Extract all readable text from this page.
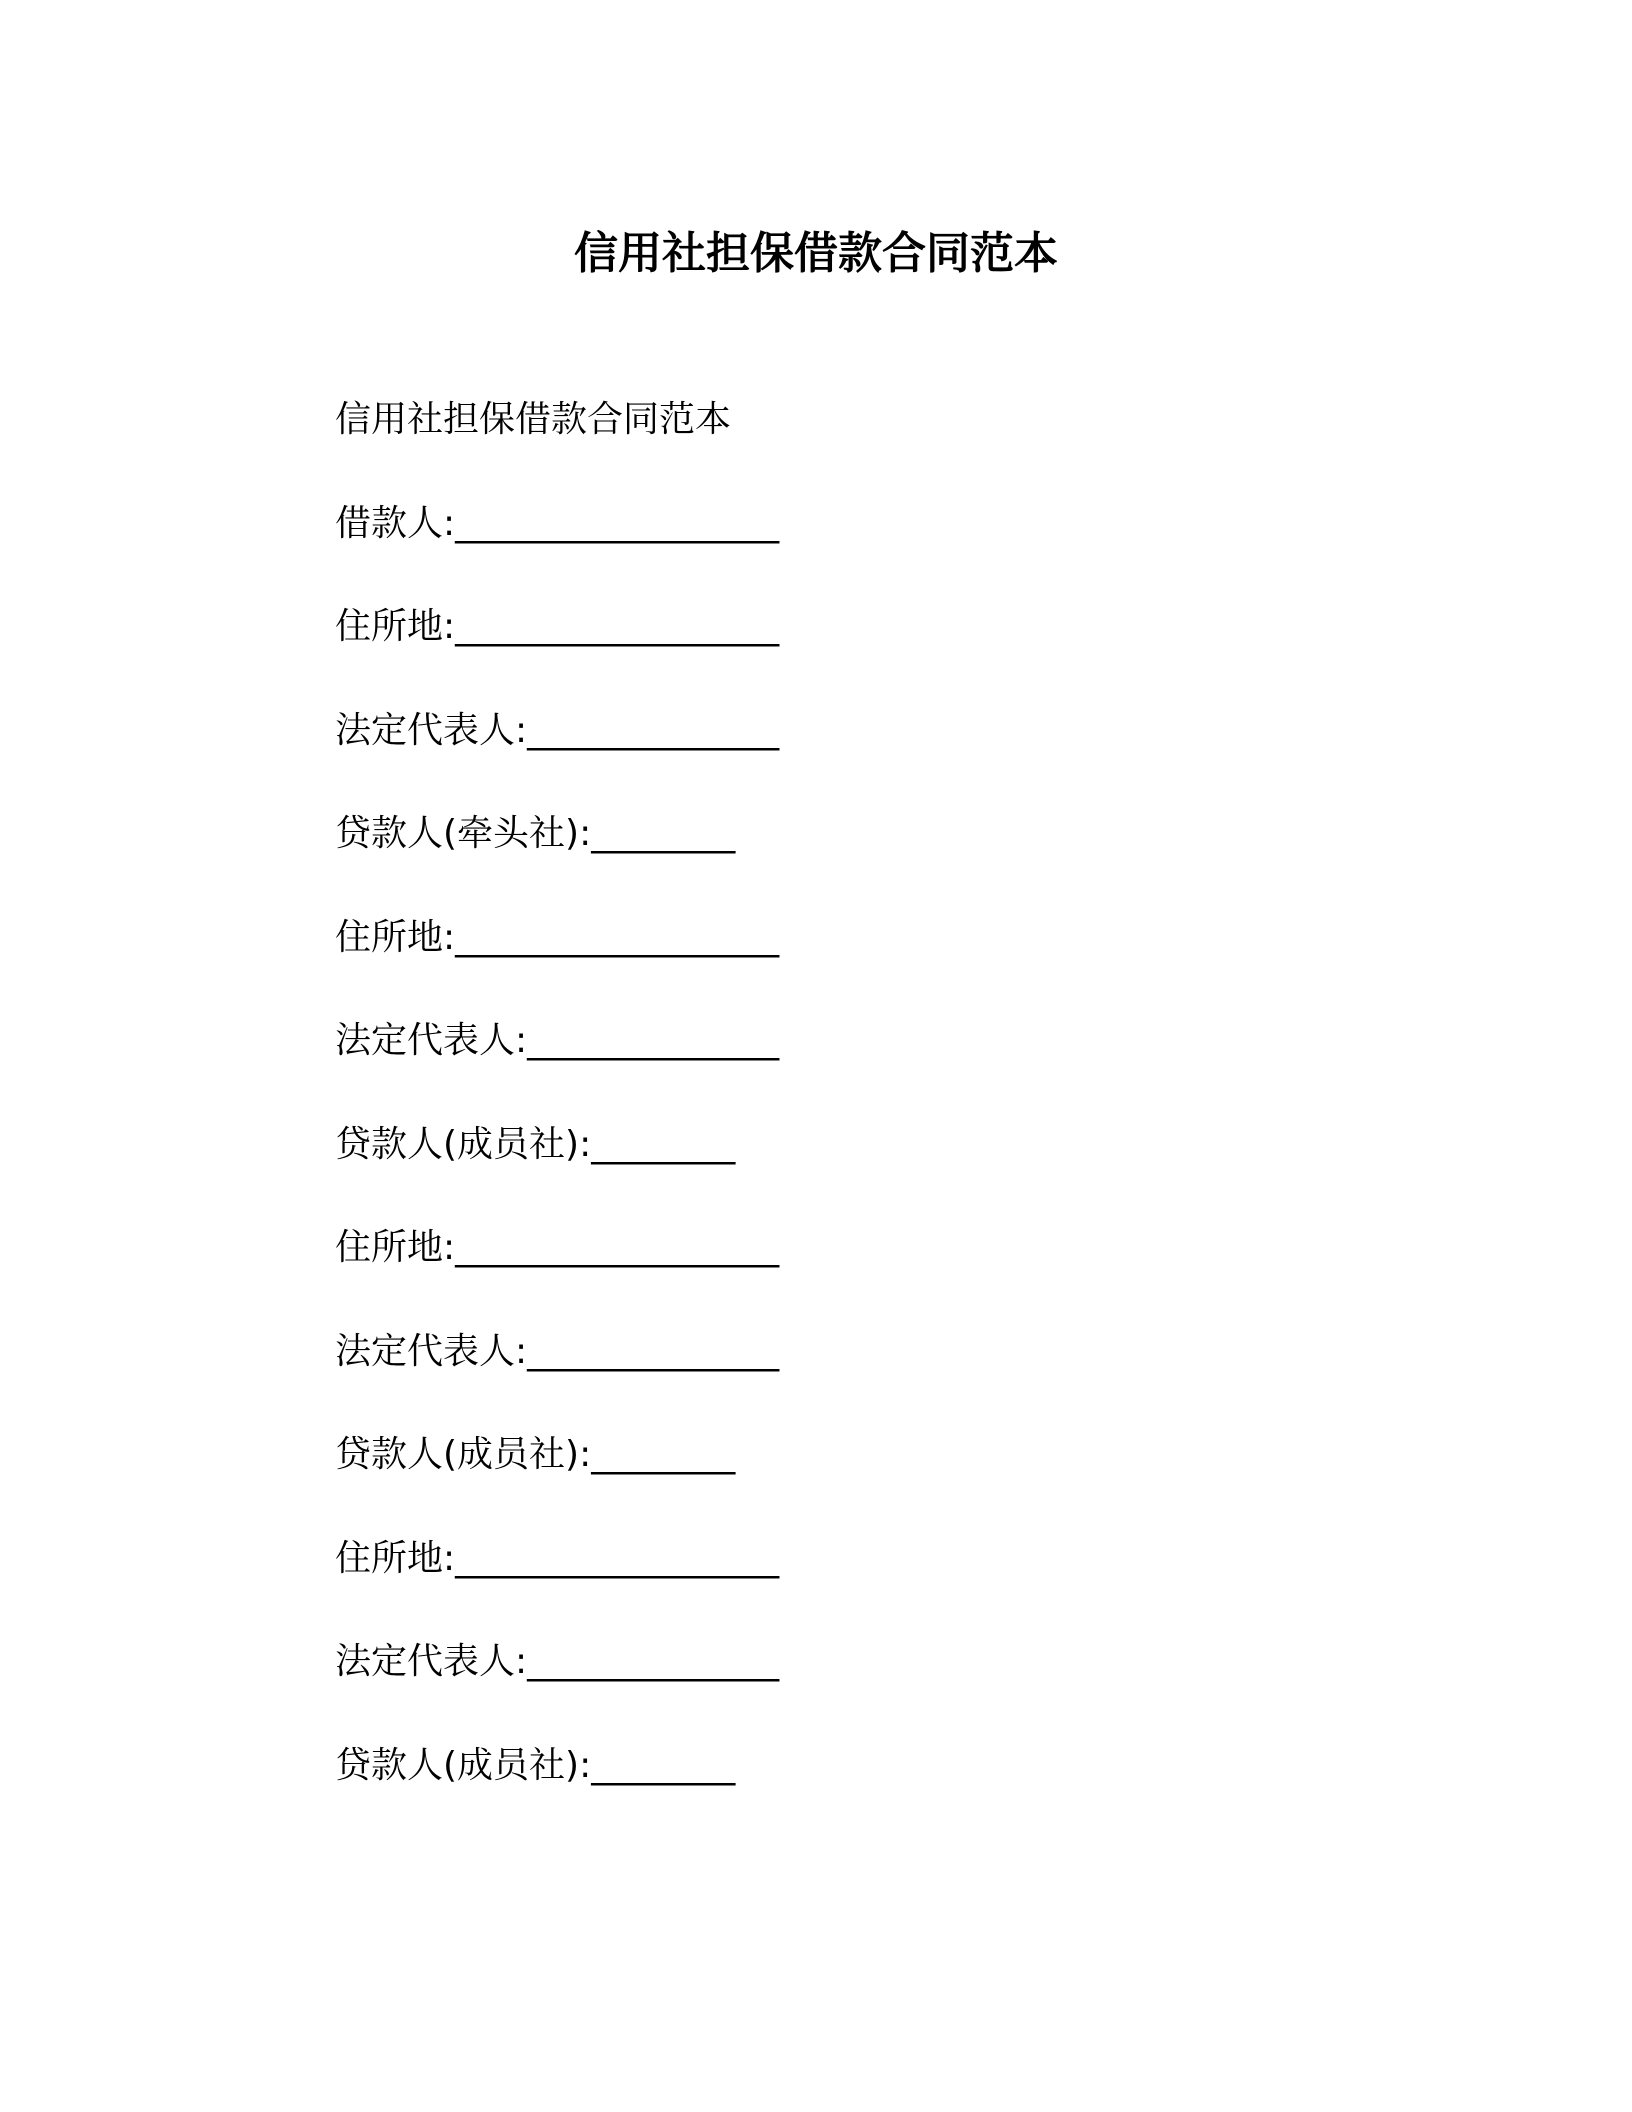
信用社担保借款合同范本
信用社担保借款合同范本
借款人:__________________
住所地:__________________
法定代表人:______________
贷款人(牵头社):________
住所地:__________________
法定代表人:______________
贷款人(成员社):________
住所地:__________________
法定代表人:______________
贷款人(成员社):________
住所地:__________________
法定代表人:______________
贷款人(成员社):________
